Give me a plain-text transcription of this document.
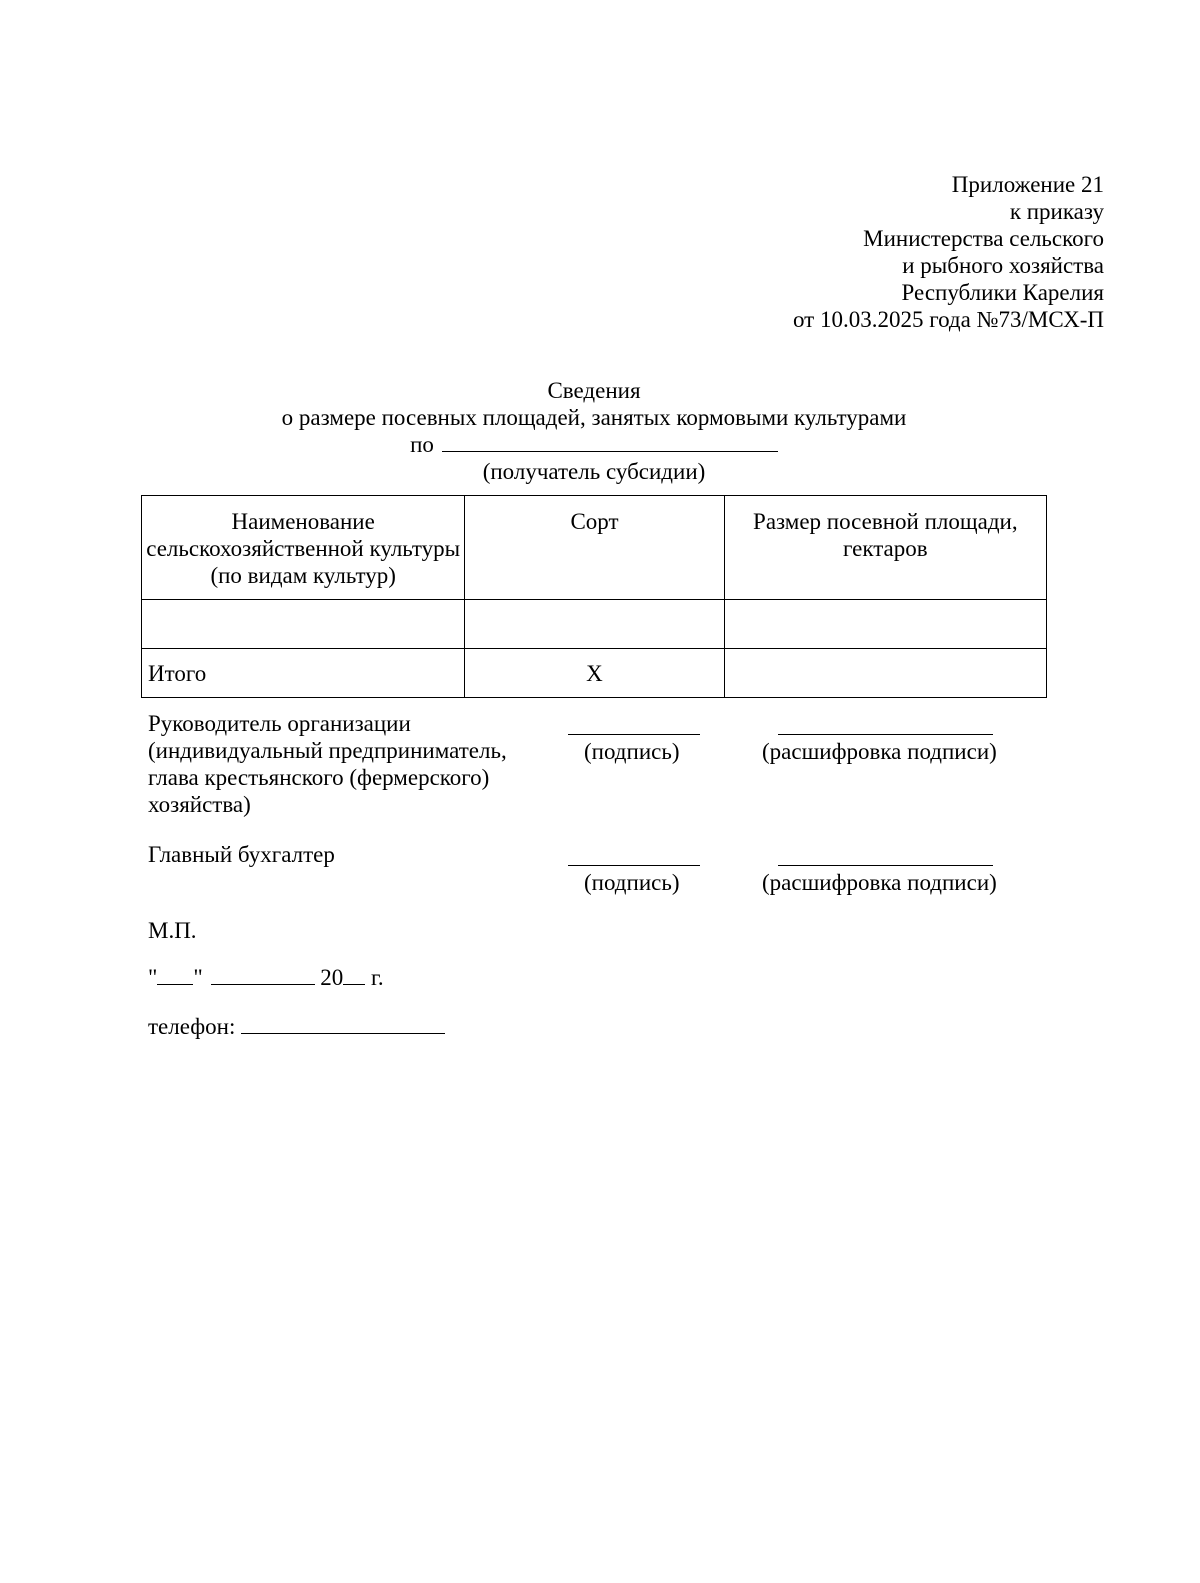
Приложение 21
к приказу
Министерства сельского
и рыбного хозяйства
Республики Карелия
от 10.03.2025 года №73/МСХ-П
Сведения
о размере посевных площадей, занятых кормовыми культурами
по
(получатель субсидии)
Наименование сельскохозяйственной культуры (по видам культур)	Сорт	Размер посевной площади, гектаров

Итого	Х	
Руководитель организации
(индивидуальный предприниматель,
глава крестьянского (фермерского)
хозяйства)
(подпись)	(расшифровка подписи)
Главный бухгалтер
(подпись)	(расшифровка подписи)
М.П.
" "	20 г.
телефон:
